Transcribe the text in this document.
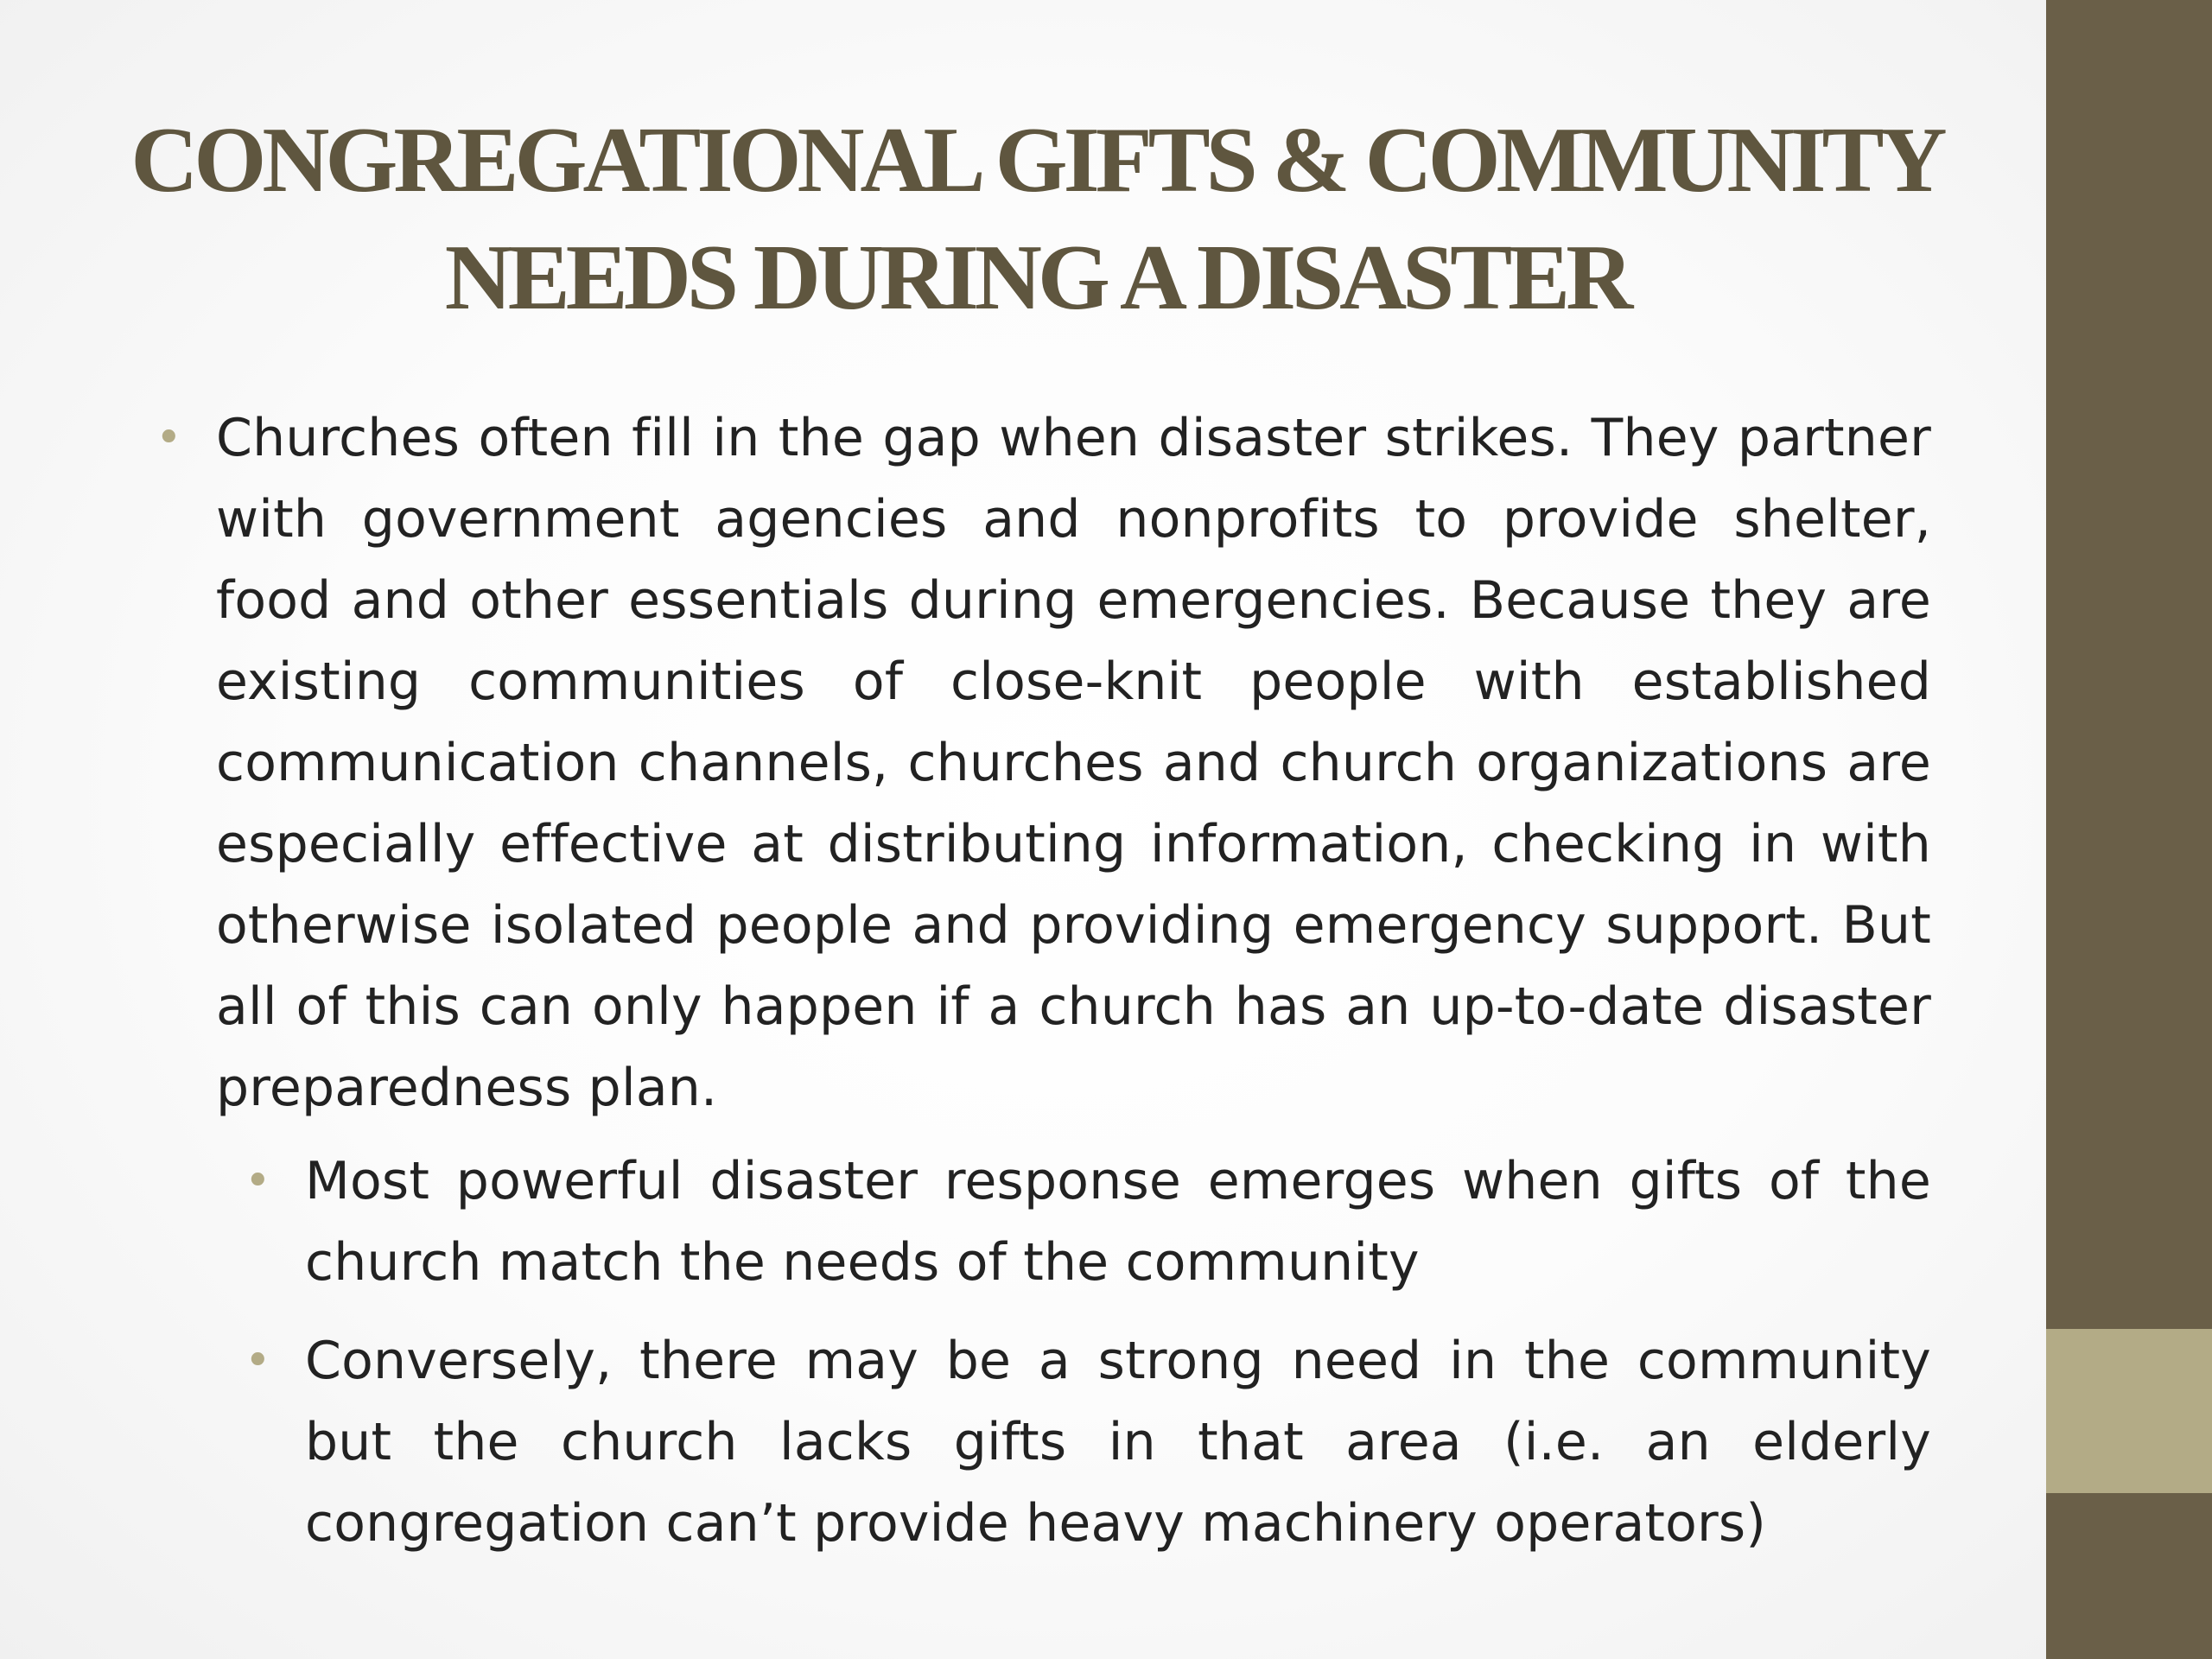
CONGREGATIONAL GIFTS & COMMUNITY
NEEDS DURING A DISASTER

• Churches often fill in the gap when disaster strikes. They partner with government agencies and nonprofits to provide shelter, food and other essentials during emergencies. Because they are existing communities of close-knit people with established communication channels, churches and church organizations are especially effective at distributing information, checking in with otherwise isolated people and providing emergency support. But all of this can only happen if a church has an up-to-date disaster preparedness plan.

• Most powerful disaster response emerges when gifts of the church match the needs of the community

• Conversely, there may be a strong need in the community but the church lacks gifts in that area (i.e. an elderly congregation can’t provide heavy machinery operators)
